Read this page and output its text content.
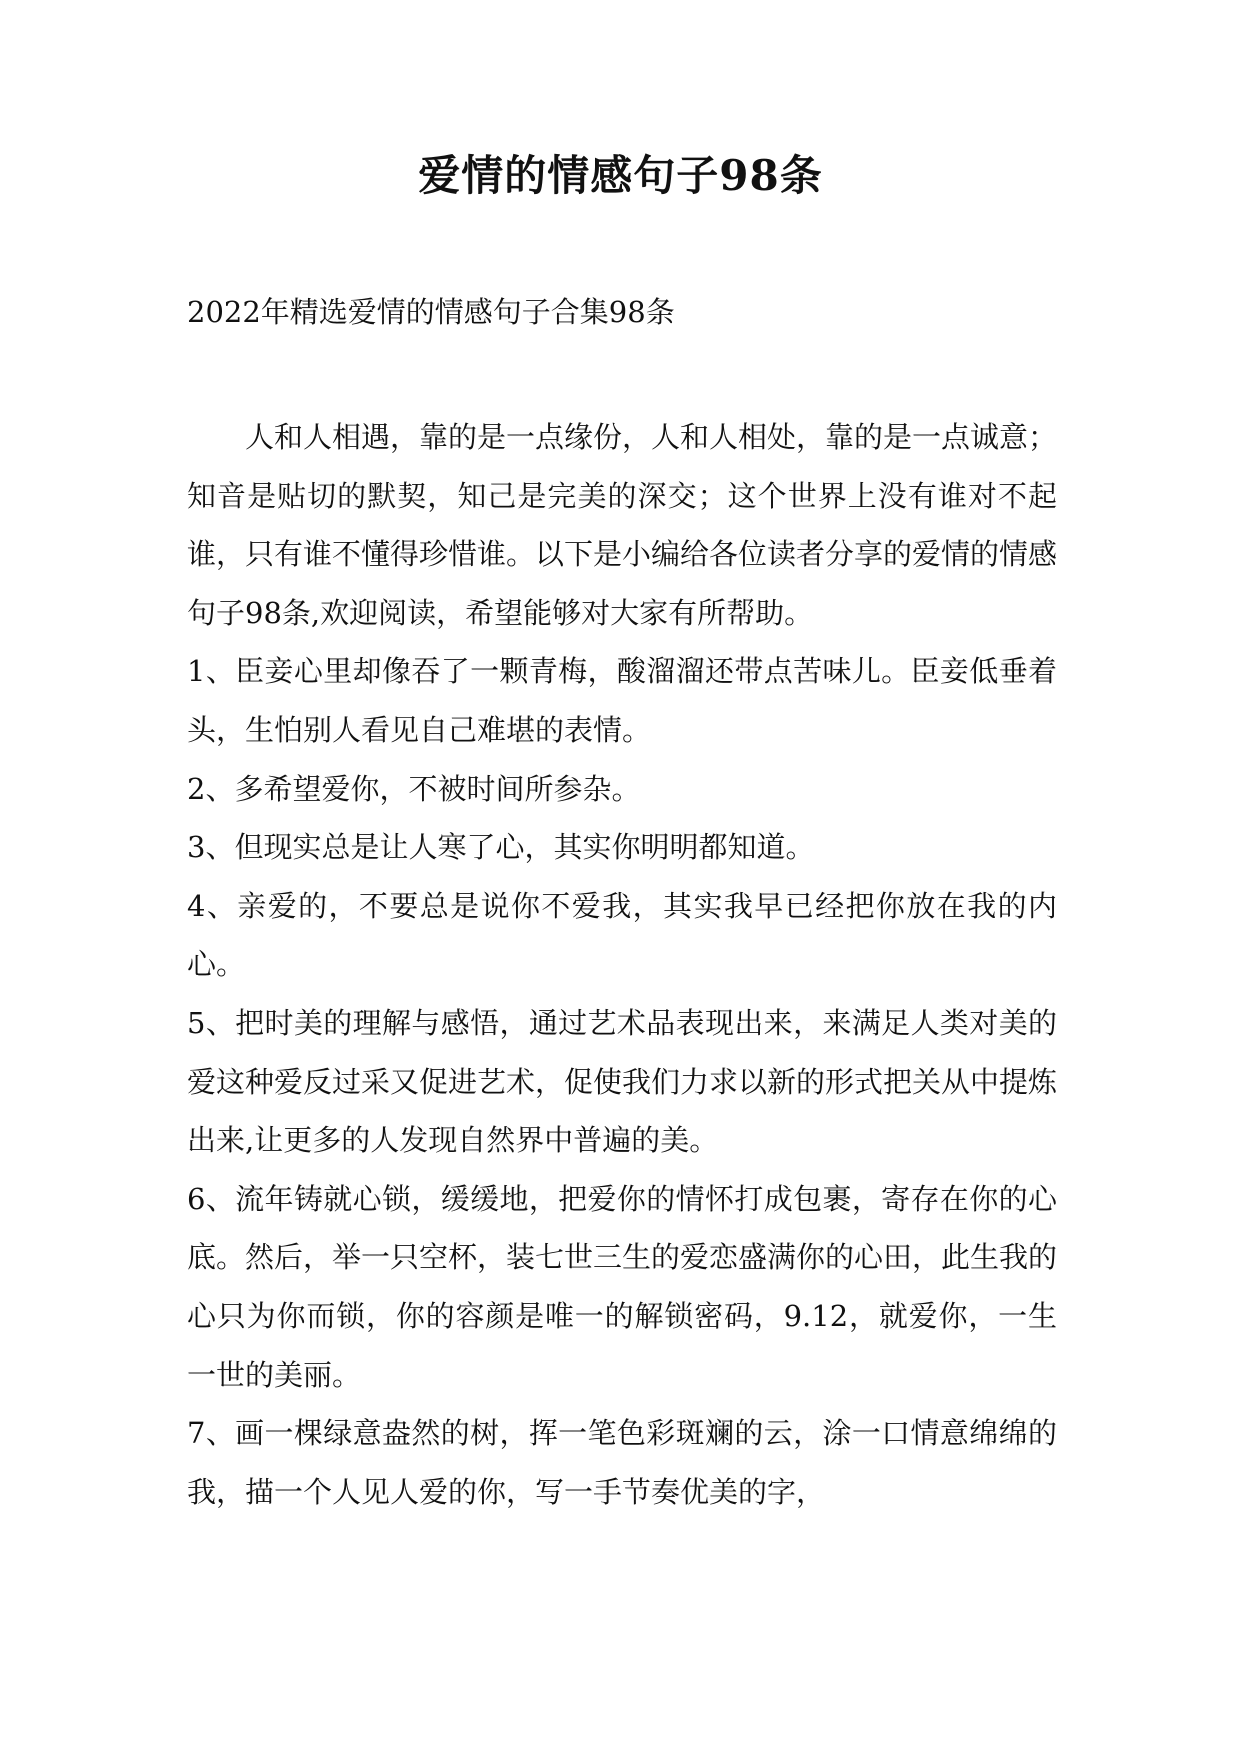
爱情的情感句子98条
2022年精选爱情的情感句子合集98条

人和人相遇，靠的是一点缘份，人和人相处，靠的是一点诚意；知音是贴切的默契，知己是完美的深交；这个世界上没有谁对不起谁，只有谁不懂得珍惜谁。以下是小编给各位读者分享的爱情的情感句子98条,欢迎阅读，希望能够对大家有所帮助。

1、臣妾心里却像吞了一颗青梅，酸溜溜还带点苦味儿。臣妾低垂着头，生怕别人看见自己难堪的表情。

2、多希望爱你，不被时间所参杂。

3、但现实总是让人寒了心，其实你明明都知道。

4、亲爱的，不要总是说你不爱我，其实我早已经把你放在我的内心。

5、把时美的理解与感悟，通过艺术品表现出来，来满足人类对美的爱这种爱反过采又促进艺术，促使我们力求以新的形式把关从中提炼出来,让更多的人发现自然界中普遍的美。

6、流年铸就心锁，缓缓地，把爱你的情怀打成包裹，寄存在你的心底。然后，举一只空杯，装七世三生的爱恋盛满你的心田，此生我的心只为你而锁，你的容颜是唯一的解锁密码，9.12，就爱你，一生一世的美丽。

7、画一棵绿意盎然的树，挥一笔色彩斑斓的云，涂一口情意绵绵的我，描一个人见人爱的你，写一手节奏优美的字，
